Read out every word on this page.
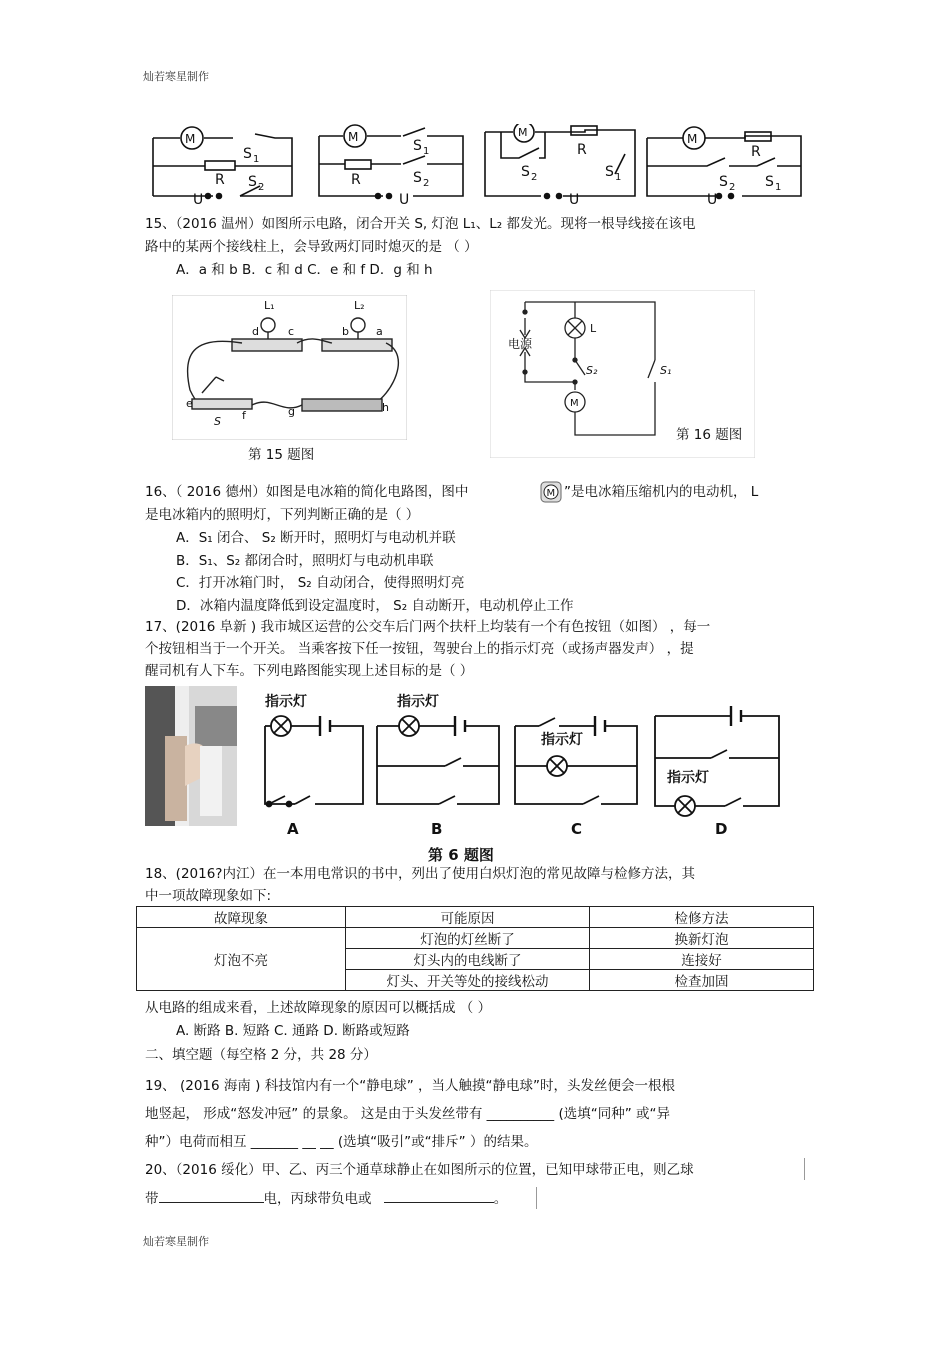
灿若寒星制作
M
S 1
R S 2
U
M
S 1
R	S 2
U
M
R
S 2	S 1
U
M
R
S 2 S 1
U
15、（2016 温州）如图所示电路，闭合开关 S, 灯泡 L₁、L₂ 都发光。现将一根导线接在该电
路中的某两个接线柱上，会导致两灯同时熄灭的是 （ ）
A．a 和 b B．c 和 d C．e 和 f D．g 和 h
L₁	L₂
d	c	b a
e
f	g	h
S
第 15 题图
电源
L
S₂	S₁
M
第 16 题图
16、（ 2016 德州）如图是电冰箱的简化电路图，图中	M ”是电冰箱压缩机内的电动机， L
是电冰箱内的照明灯，下列判断正确的是（ ）
A．S₁ 闭合、 S₂ 断开时，照明灯与电动机并联
B．S₁、S₂ 都闭合时，照明灯与电动机串联
C．打开冰箱门时， S₂ 自动闭合，使得照明灯亮
D．冰箱内温度降低到设定温度时， S₂ 自动断开，电动机停止工作
17、(2016 阜新 ) 我市城区运营的公交车后门两个扶杆上均装有一个有色按钮（如图） ，每一
个按钮相当于一个开关。 当乘客按下任一按钮，驾驶台上的指示灯亮（或扬声器发声） ，提
醒司机有人下车。下列电路图能实现上述目标的是（ ）
指示灯
A
指示灯
B
指示灯
C
指示灯
D
第 6 题图
18、(2016?内江）在一本用电常识的书中，列出了使用白炽灯泡的常见故障与检修方法，其
中一项故障现象如下:
故障现象	可能原因	检修方法
灯泡不亮	灯泡的灯丝断了	换新灯泡
	灯头内的电线断了	连接好
	灯头、开关等处的接线松动	检查加固
从电路的组成来看，上述故障现象的原因可以概括成 （ ）
A. 断路 B. 短路 C. 通路 D. 断路或短路
二、填空题（每空格 2 分，共 28 分）
19、 (2016 海南 ) 科技馆内有一个“静电球” ，当人触摸“静电球”时，头发丝便会一根根
地竖起， 形成“怒发冲冠” 的景象。 这是由于头发丝带有 __________ (选填“同种” 或“异
种”）电荷而相互 _______ __ __ (选填“吸引”或“排斥” ）的结果。
20、（2016 绥化）甲、乙、丙三个通草球静止在如图所示的位置，已知甲球带正电，则乙球
带	电，丙球带负电或	。
灿若寒星制作
